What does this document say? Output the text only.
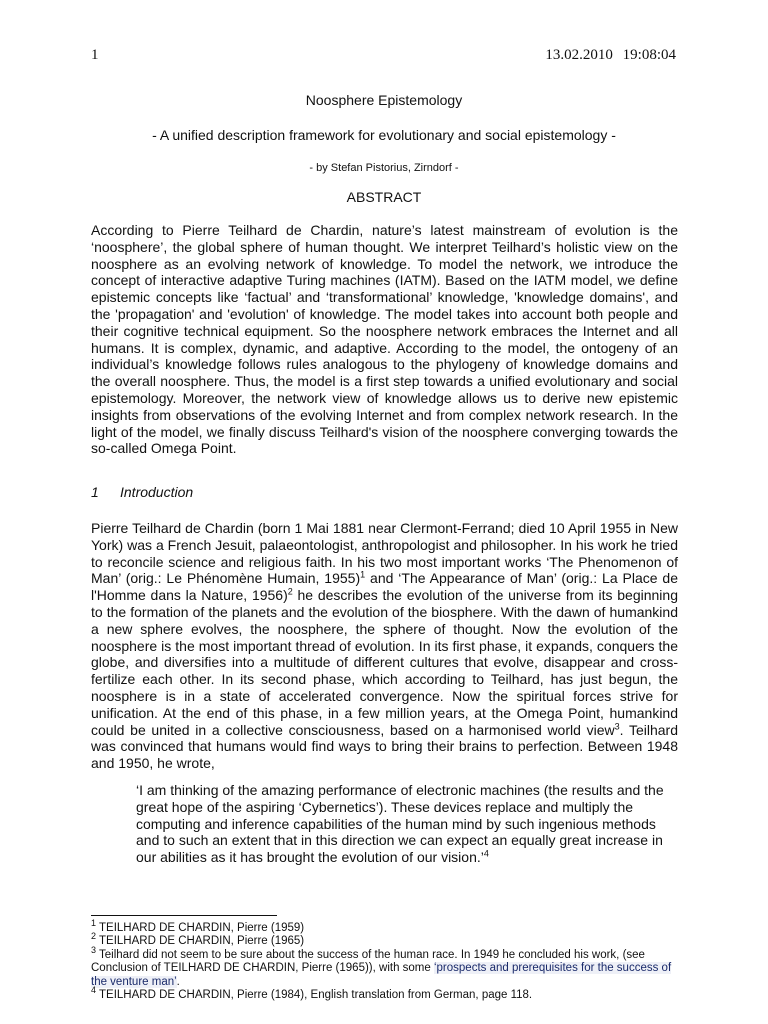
1	13.02.2010 19:08:04
Noosphere Epistemology
- A unified description framework for evolutionary and social epistemology -
- by Stefan Pistorius, Zirndorf -
ABSTRACT
According to Pierre Teilhard de Chardin, nature’s latest mainstream of evolution is the ‘noosphere’, the global sphere of human thought. We interpret Teilhard’s holistic view on the noosphere as an evolving network of knowledge. To model the network, we introduce the concept of interactive adaptive Turing machines (IATM). Based on the IATM model, we define epistemic concepts like ‘factual’ and ‘transformational’ knowledge, 'knowledge domains', and the 'propagation' and 'evolution' of knowledge. The model takes into account both people and their cognitive technical equipment. So the noosphere network embraces the Internet and all humans. It is complex, dynamic, and adaptive. According to the model, the ontogeny of an individual’s knowledge follows rules analogous to the phylogeny of knowledge domains and the overall noosphere. Thus, the model is a first step towards a unified evolutionary and social epistemology. Moreover, the network view of knowledge allows us to derive new epistemic insights from observations of the evolving Internet and from complex network research. In the light of the model, we finally discuss Teilhard's vision of the noosphere converging towards the so-called Omega Point.
1 Introduction
Pierre Teilhard de Chardin (born 1 Mai 1881 near Clermont-Ferrand; died 10 April 1955 in New York) was a French Jesuit, palaeontologist, anthropologist and philosopher. In his work he tried to reconcile science and religious faith. In his two most important works ‘The Phenomenon of Man’ (orig.: Le Phénomène Humain, 1955)$^1$ and ‘The Appearance of Man’ (orig.: La Place de l'Homme dans la Nature, 1956)$^2$ he describes the evolution of the universe from its beginning to the formation of the planets and the evolution of the biosphere. With the dawn of humankind a new sphere evolves, the noosphere, the sphere of thought. Now the evolution of the noosphere is the most important thread of evolution. In its first phase, it expands, conquers the globe, and diversifies into a multitude of different cultures that evolve, disappear and cross-fertilize each other. In its second phase, which according to Teilhard, has just begun, the noosphere is in a state of accelerated convergence. Now the spiritual forces strive for unification. At the end of this phase, in a few million years, at the Omega Point, humankind could be united in a collective consciousness, based on a harmonised world view$^3$. Teilhard was convinced that humans would find ways to bring their brains to perfection. Between 1948 and 1950, he wrote,
‘I am thinking of the amazing performance of electronic machines (the results and the great hope of the aspiring ‘Cybernetics’). These devices replace and multiply the computing and inference capabilities of the human mind by such ingenious methods and to such an extent that in this direction we can expect an equally great increase in our abilities as it has brought the evolution of our vision.’$^4$
$^1$ TEILHARD DE CHARDIN, Pierre (1959)
$^2$ TEILHARD DE CHARDIN, Pierre (1965)
$^3$ Teilhard did not seem to be sure about the success of the human race. In 1949 he concluded his work, (see Conclusion of TEILHARD DE CHARDIN, Pierre (1965)), with some ‘prospects and prerequisites for the success of the venture man’.
$^4$ TEILHARD DE CHARDIN, Pierre (1984), English translation from German, page 118.
